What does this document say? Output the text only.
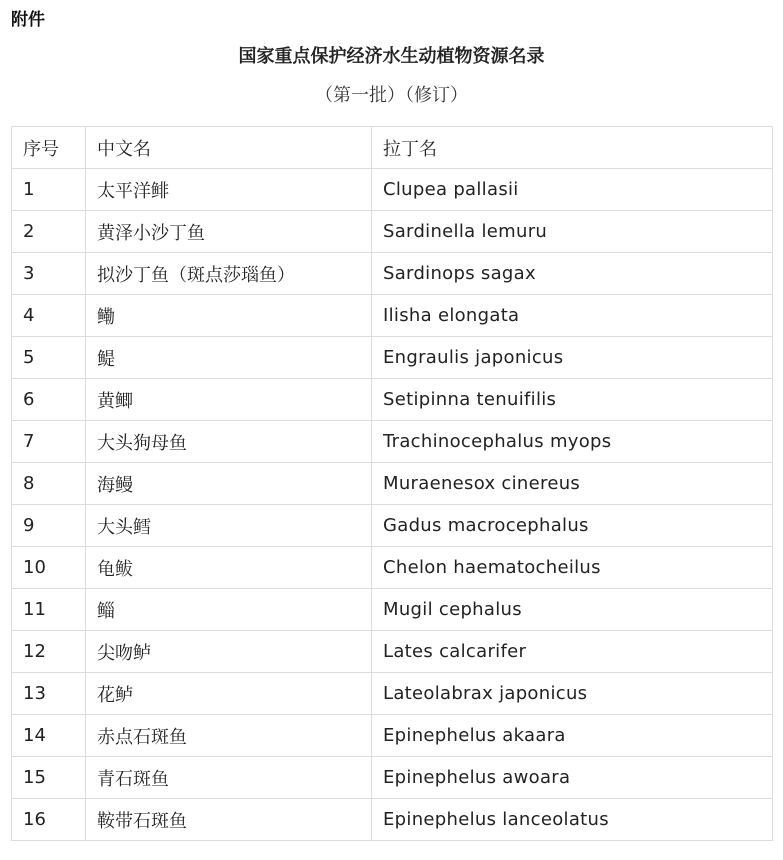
附件
国家重点保护经济水生动植物资源名录
（第一批）（修订）
序号	中文名	拉丁名
1	太平洋鲱	Clupea pallasii
2	黄泽小沙丁鱼	Sardinella lemuru
3	拟沙丁鱼（斑点莎瑙鱼）	Sardinops sagax
4	鳓	Ilisha elongata
5	鳀	Engraulis japonicus
6	黄鲫	Setipinna tenuifilis
7	大头狗母鱼	Trachinocephalus myops
8	海鳗	Muraenesox cinereus
9	大头鳕	Gadus macrocephalus
10	龟鲅	Chelon haematocheilus
11	鲻	Mugil cephalus
12	尖吻鲈	Lates calcarifer
13	花鲈	Lateolabrax japonicus
14	赤点石斑鱼	Epinephelus akaara
15	青石斑鱼	Epinephelus awoara
16	鞍带石斑鱼	Epinephelus lanceolatus
